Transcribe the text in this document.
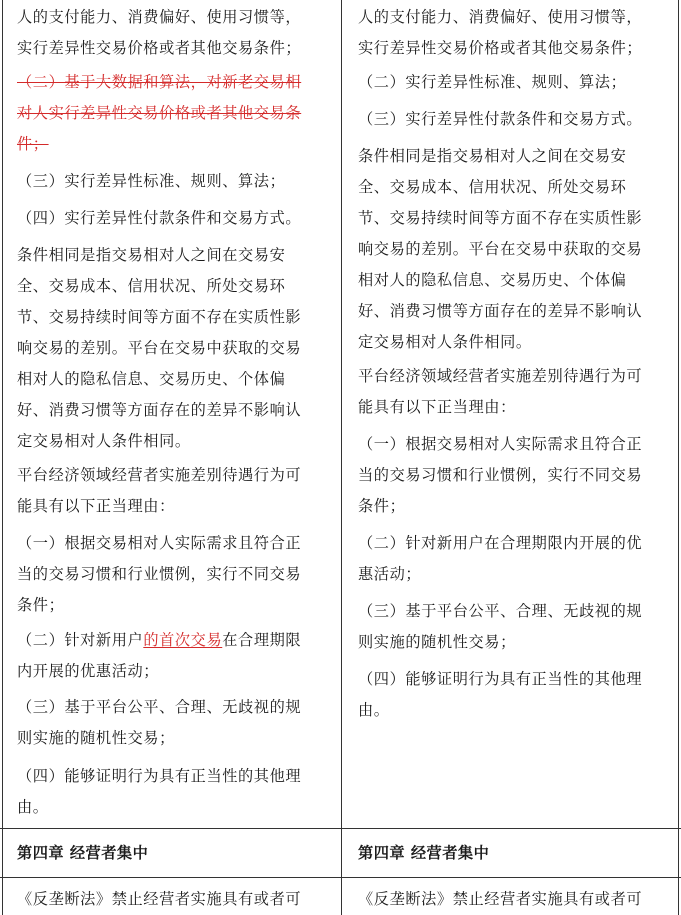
人的支付能力、消费偏好、使用习惯等，
实行差异性交易价格或者其他交易条件；
（二）基于大数据和算法，对新老交易相
对人实行差异性交易价格或者其他交易条
件；
（三）实行差异性标准、规则、算法；
（四）实行差异性付款条件和交易方式。
条件相同是指交易相对人之间在交易安
全、交易成本、信用状况、所处交易环
节、交易持续时间等方面不存在实质性影
响交易的差别。平台在交易中获取的交易
相对人的隐私信息、交易历史、个体偏
好、消费习惯等方面存在的差异不影响认
定交易相对人条件相同。
平台经济领域经营者实施差别待遇行为可
能具有以下正当理由：
（一）根据交易相对人实际需求且符合正
当的交易习惯和行业惯例，实行不同交易
条件；
（二）针对新用户的首次交易在合理期限
内开展的优惠活动；
（三）基于平台公平、合理、无歧视的规
则实施的随机性交易；
（四）能够证明行为具有正当性的其他理
由。
第四章 经营者集中
《反垄断法》禁止经营者实施具有或者可
人的支付能力、消费偏好、使用习惯等，
实行差异性交易价格或者其他交易条件；
（二）实行差异性标准、规则、算法；
（三）实行差异性付款条件和交易方式。
条件相同是指交易相对人之间在交易安
全、交易成本、信用状况、所处交易环
节、交易持续时间等方面不存在实质性影
响交易的差别。平台在交易中获取的交易
相对人的隐私信息、交易历史、个体偏
好、消费习惯等方面存在的差异不影响认
定交易相对人条件相同。
平台经济领域经营者实施差别待遇行为可
能具有以下正当理由：
（一）根据交易相对人实际需求且符合正
当的交易习惯和行业惯例，实行不同交易
条件；
（二）针对新用户在合理期限内开展的优
惠活动；
（三）基于平台公平、合理、无歧视的规
则实施的随机性交易；
（四）能够证明行为具有正当性的其他理
由。
第四章 经营者集中
《反垄断法》禁止经营者实施具有或者可
